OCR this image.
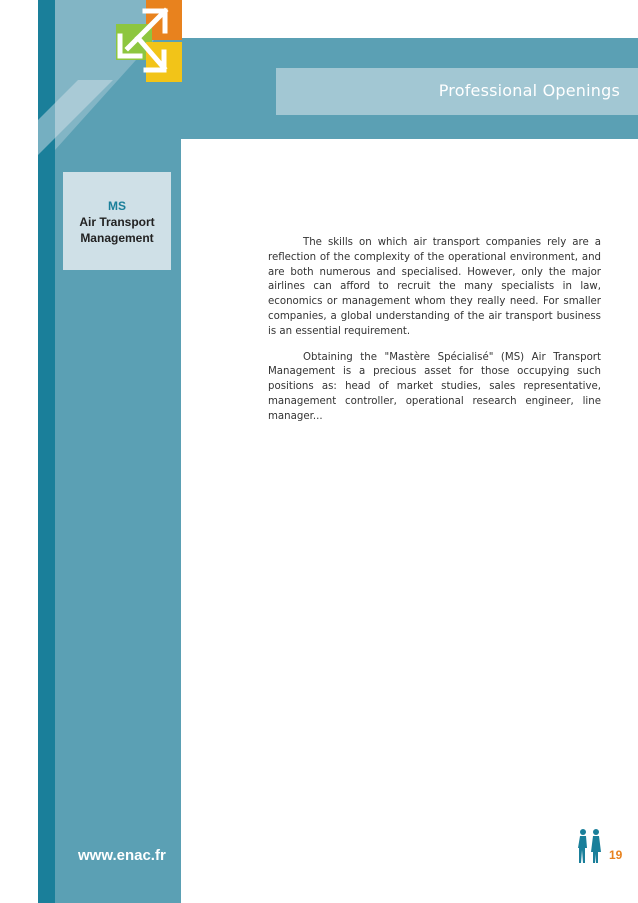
Professional Openings
MS
Air Transport Management	The skills on which air transport companies rely are a reflection of the complexity of the operational environment, and are both numerous and specialised. However, only the major airlines can afford to recruit the many specialists in law, economics or management whom they really need. For smaller companies, a global understanding of the air transport business is an essential requirement.

Obtaining the "Mastère Spécialisé" (MS) Air Transport Management is a precious asset for those occupying such positions as: head of market studies, sales representative, management controller, operational research engineer, line manager...

www.enac.fr	19
